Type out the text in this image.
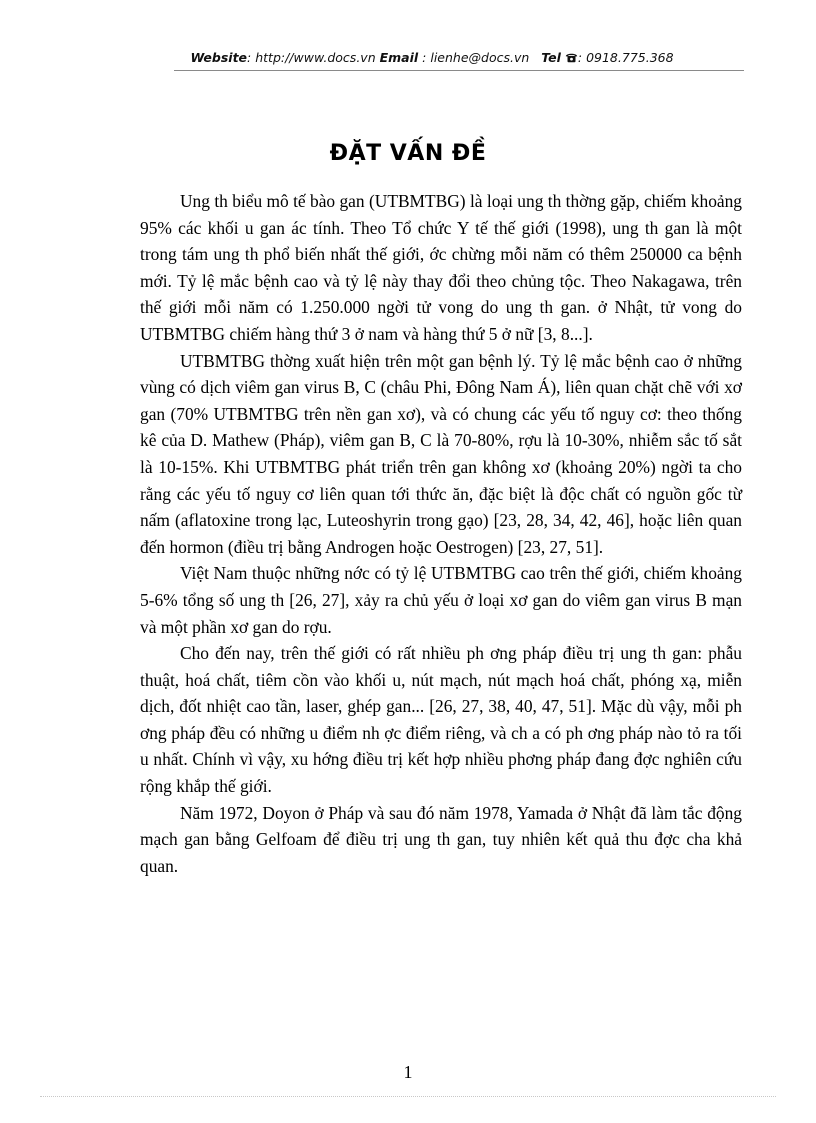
Website: http://www.docs.vn Email : lienhe@docs.vn Tel : 0918.775.368
ĐẶT VẤN ĐỀ

Ung th biểu mô tế bào gan (UTBMTBG) là loại ung th thờng gặp, chiếm khoảng 95% các khối u gan ác tính. Theo Tổ chức Y tế thế giới (1998), ung th gan là một trong tám ung th phổ biến nhất thế giới, ớc chừng mỗi năm có thêm 250000 ca bệnh mới. Tỷ lệ mắc bệnh cao và tỷ lệ này thay đổi theo chủng tộc. Theo Nakagawa, trên thế giới mỗi năm có 1.250.000 ngời tử vong do ung th gan. ở Nhật, tử vong do UTBMTBG chiếm hàng thứ 3 ở nam và hàng thứ 5 ở nữ [3, 8...].

UTBMTBG thờng xuất hiện trên một gan bệnh lý. Tỷ lệ mắc bệnh cao ở những vùng có dịch viêm gan virus B, C (châu Phi, Đông Nam Á), liên quan chặt chẽ với xơ gan (70% UTBMTBG trên nền gan xơ), và có chung các yếu tố nguy cơ: theo thống kê của D. Mathew (Pháp), viêm gan B, C là 70-80%, rợu là 10-30%, nhiễm sắc tố sắt là 10-15%. Khi UTBMTBG phát triển trên gan không xơ (khoảng 20%) ngời ta cho rằng các yếu tố nguy cơ liên quan tới thức ăn, đặc biệt là độc chất có nguồn gốc từ nấm (aflatoxine trong lạc, Luteoshyrin trong gạo) [23, 28, 34, 42, 46], hoặc liên quan đến hormon (điều trị bằng Androgen hoặc Oestrogen) [23, 27, 51].

Việt Nam thuộc những nớc có tỷ lệ UTBMTBG cao trên thế giới, chiếm khoảng 5-6% tổng số ung th [26, 27], xảy ra chủ yếu ở loại xơ gan do viêm gan virus B mạn và một phần xơ gan do rợu.

Cho đến nay, trên thế giới có rất nhiều ph ơng pháp điều trị ung th gan: phẫu thuật, hoá chất, tiêm cồn vào khối u, nút mạch, nút mạch hoá chất, phóng xạ, miễn dịch, đốt nhiệt cao tần, laser, ghép gan... [26, 27, 38, 40, 47, 51]. Mặc dù vậy, mỗi ph ơng pháp đều có những u điểm nh ợc điểm riêng, và ch a có ph ơng pháp nào tỏ ra tối u nhất. Chính vì vậy, xu hớng điều trị kết hợp nhiều phơng pháp đang đợc nghiên cứu rộng khắp thế giới.

Năm 1972, Doyon ở Pháp và sau đó năm 1978, Yamada ở Nhật đã làm tắc động mạch gan bằng Gelfoam để điều trị ung th gan, tuy nhiên kết quả thu đợc cha khả quan.

1
